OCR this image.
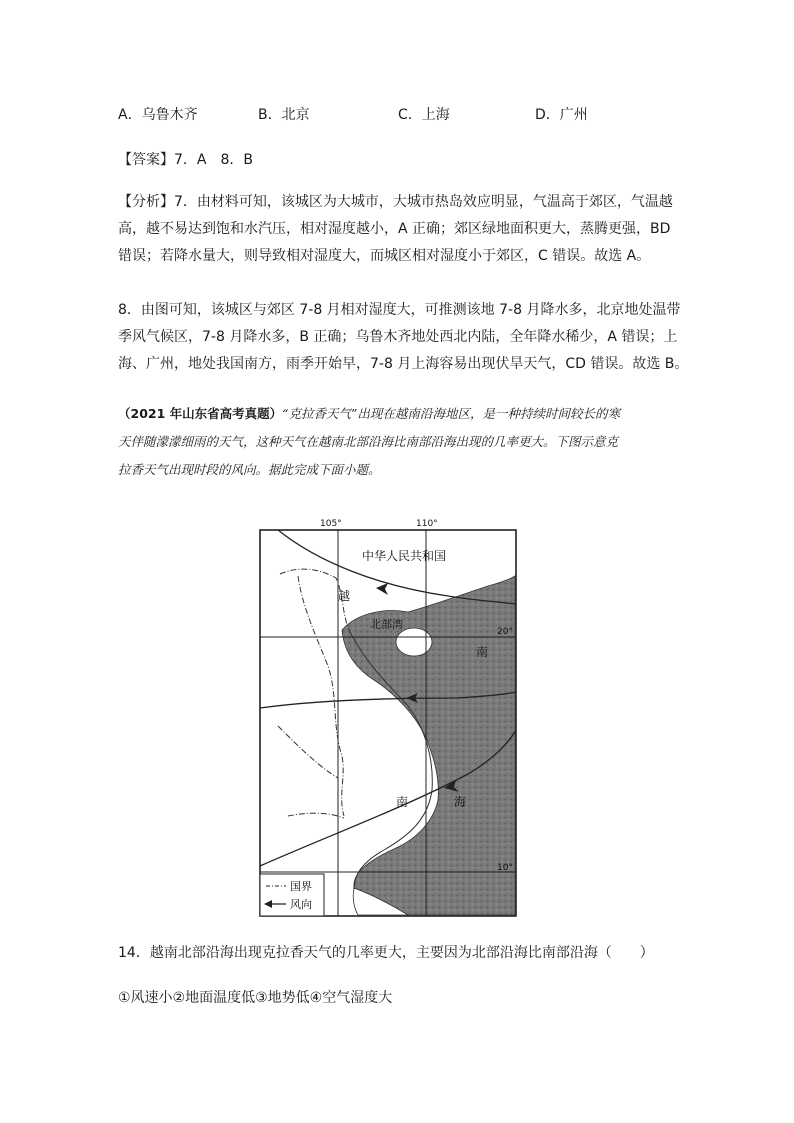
A．乌鲁木齐	B．北京	C．上海	D．广州
【答案】7．A　8．B
【分析】7．由材料可知，该城区为大城市，大城市热岛效应明显，气温高于郊区，气温越
高，越不易达到饱和水汽压，相对湿度越小，A 正确；郊区绿地面积更大，蒸腾更强，BD
错误；若降水量大，则导致相对湿度大，而城区相对湿度小于郊区，C 错误。故选 A。
8．由图可知，该城区与郊区 7-8 月相对湿度大，可推测该地 7-8 月降水多，北京地处温带
季风气候区，7-8 月降水多，B 正确；乌鲁木齐地处西北内陆，全年降水稀少，A 错误；上
海、广州，地处我国南方，雨季开始早，7-8 月上海容易出现伏旱天气，CD 错误。故选 B。
（2021 年山东省高考真题）“克拉香天气”出现在越南沿海地区，是一种持续时间较长的寒
天伴随濛濛细雨的天气，这种天气在越南北部沿海比南部沿海出现的几率更大。下图示意克
拉香天气出现时段的风向。据此完成下面小题。
105°	110°
20°
10°
中华人民共和国
越
北部湾
南
海
南
国界
风向
14．越南北部沿海出现克拉香天气的几率更大，主要因为北部沿海比南部沿海（　　）
①风速小②地面温度低③地势低④空气湿度大
